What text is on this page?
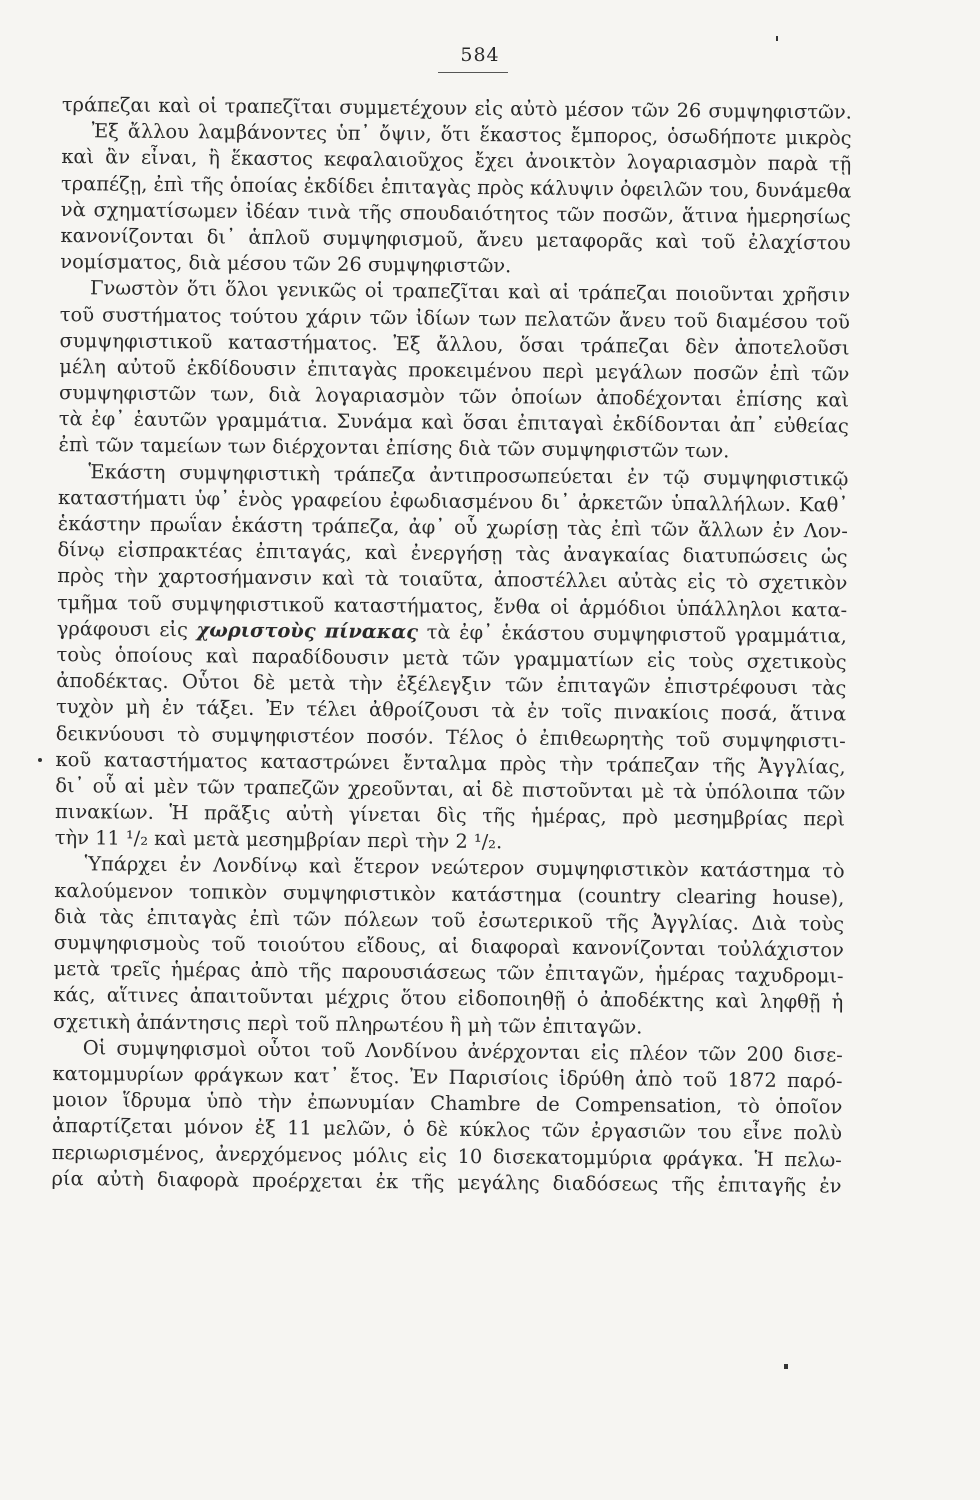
584
τράπεζαι καὶ οἱ τραπεζῖται συμμετέχουν εἰς αὐτὸ μέσον τῶν 26 συμψηφιστῶν.
Ἐξ ἄλλου λαμβάνοντες ὑπ᾿ ὄψιν, ὅτι ἕκαστος ἔμπορος, ὁσωδήποτε μικρὸς
καὶ ἂν εἶναι, ἢ ἕκαστος κεφαλαιοῦχος ἔχει ἀνοικτὸν λογαριασμὸν παρὰ τῇ
τραπέζῃ, ἐπὶ τῆς ὁποίας ἐκδίδει ἐπιταγὰς πρὸς κάλυψιν ὀφειλῶν του, δυνάμεθα
νὰ σχηματίσωμεν ἰδέαν τινὰ τῆς σπουδαιότητος τῶν ποσῶν, ἅτινα ἡμερησίως
κανονίζονται δι᾿ ἁπλοῦ συμψηφισμοῦ, ἄνευ μεταφορᾶς καὶ τοῦ ἐλαχίστου
νομίσματος, διὰ μέσου τῶν 26 συμψηφιστῶν.
Γνωστὸν ὅτι ὅλοι γενικῶς οἱ τραπεζῖται καὶ αἱ τράπεζαι ποιοῦνται χρῆσιν
τοῦ συστήματος τούτου χάριν τῶν ἰδίων των πελατῶν ἄνευ τοῦ διαμέσου τοῦ
συμψηφιστικοῦ καταστήματος. Ἐξ ἄλλου, ὅσαι τράπεζαι δὲν ἀποτελοῦσι
μέλη αὐτοῦ ἐκδίδουσιν ἐπιταγὰς προκειμένου περὶ μεγάλων ποσῶν ἐπὶ τῶν
συμψηφιστῶν των, διὰ λογαριασμὸν τῶν ὁποίων ἀποδέχονται ἐπίσης καὶ
τὰ ἐφ᾿ ἑαυτῶν γραμμάτια. Συνάμα καὶ ὅσαι ἐπιταγαὶ ἐκδίδονται ἀπ᾿ εὐθείας
ἐπὶ τῶν ταμείων των διέρχονται ἐπίσης διὰ τῶν συμψηφιστῶν των.
Ἑκάστη συμψηφιστικὴ τράπεζα ἀντιπροσωπεύεται ἐν τῷ συμψηφιστικῷ
καταστήματι ὑφ᾿ ἑνὸς γραφείου ἐφωδιασμένου δι᾿ ἀρκετῶν ὑπαλλήλων. Καθ᾿
ἑκάστην πρωΐαν ἑκάστη τράπεζα, ἀφ᾿ οὗ χωρίσῃ τὰς ἐπὶ τῶν ἄλλων ἐν Λον-
δίνῳ εἰσπρακτέας ἐπιταγάς, καὶ ἐνεργήσῃ τὰς ἀναγκαίας διατυπώσεις ὡς
πρὸς τὴν χαρτοσήμανσιν καὶ τὰ τοιαῦτα, ἀποστέλλει αὐτὰς εἰς τὸ σχετικὸν
τμῆμα τοῦ συμψηφιστικοῦ καταστήματος, ἔνθα οἱ ἁρμόδιοι ὑπάλληλοι κατα-
γράφουσι εἰς χωριστοὺς πίνακας τὰ ἐφ᾿ ἑκάστου συμψηφιστοῦ γραμμάτια,
τοὺς ὁποίους καὶ παραδίδουσιν μετὰ τῶν γραμματίων εἰς τοὺς σχετικοὺς
ἀποδέκτας. Οὗτοι δὲ μετὰ τὴν ἐξέλεγξιν τῶν ἐπιταγῶν ἐπιστρέφουσι τὰς
τυχὸν μὴ ἐν τάξει. Ἐν τέλει ἀθροίζουσι τὰ ἐν τοῖς πινακίοις ποσά, ἅτινα
δεικνύουσι τὸ συμψηφιστέον ποσόν. Τέλος ὁ ἐπιθεωρητὴς τοῦ συμψηφιστι-
κοῦ καταστήματος καταστρώνει ἔνταλμα πρὸς τὴν τράπεζαν τῆς Ἀγγλίας,
δι᾿ οὗ αἱ μὲν τῶν τραπεζῶν χρεοῦνται, αἱ δὲ πιστοῦνται μὲ τὰ ὑπόλοιπα τῶν
πινακίων. Ἡ πρᾶξις αὐτὴ γίνεται δὶς τῆς ἡμέρας, πρὸ μεσημβρίας περὶ
τὴν 11 ¹/₂ καὶ μετὰ μεσημβρίαν περὶ τὴν 2 ¹/₂.
Ὑπάρχει ἐν Λονδίνῳ καὶ ἕτερον νεώτερον συμψηφιστικὸν κατάστημα τὸ
καλούμενον τοπικὸν συμψηφιστικὸν κατάστημα (country clearing house),
διὰ τὰς ἐπιταγὰς ἐπὶ τῶν πόλεων τοῦ ἐσωτερικοῦ τῆς Ἀγγλίας. Διὰ τοὺς
συμψηφισμοὺς τοῦ τοιούτου εἴδους, αἱ διαφοραὶ κανονίζονται τοὐλάχιστον
μετὰ τρεῖς ἡμέρας ἀπὸ τῆς παρουσιάσεως τῶν ἐπιταγῶν, ἡμέρας ταχυδρομι-
κάς, αἵτινες ἀπαιτοῦνται μέχρις ὅτου εἰδοποιηθῇ ὁ ἀποδέκτης καὶ ληφθῇ ἡ
σχετικὴ ἀπάντησις περὶ τοῦ πληρωτέου ἢ μὴ τῶν ἐπιταγῶν.
Οἱ συμψηφισμοὶ οὗτοι τοῦ Λονδίνου ἀνέρχονται εἰς πλέον τῶν 200 δισε-
κατομμυρίων φράγκων κατ᾿ ἔτος. Ἐν Παρισίοις ἱδρύθη ἀπὸ τοῦ 1872 παρό-
μοιον ἵδρυμα ὑπὸ τὴν ἐπωνυμίαν Chambre de Compensation, τὸ ὁποῖον
ἀπαρτίζεται μόνον ἐξ 11 μελῶν, ὁ δὲ κύκλος τῶν ἐργασιῶν του εἶνε πολὺ
περιωρισμένος, ἀνερχόμενος μόλις εἰς 10 δισεκατομμύρια φράγκα. Ἡ πελω-
ρία αὐτὴ διαφορὰ προέρχεται ἐκ τῆς μεγάλης διαδόσεως τῆς ἐπιταγῆς ἐν
